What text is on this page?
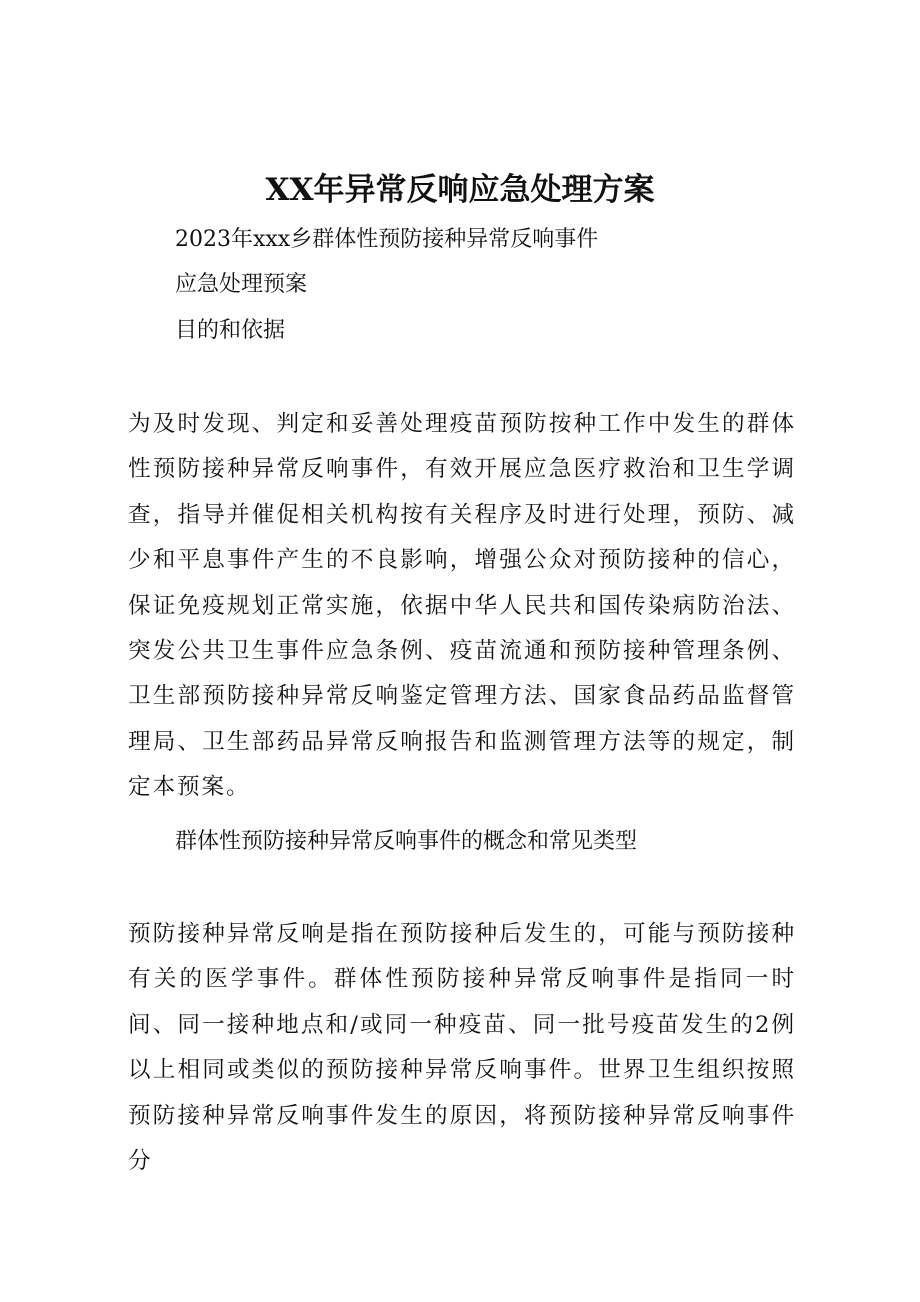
XX年异常反响应急处理方案
2023年xxx乡群体性预防接种异常反响事件
应急处理预案
目的和依据
为及时发现、判定和妥善处理疫苗预防按种工作中发生的群体性预防接种异常反响事件，有效开展应急医疗救治和卫生学调查，指导并催促相关机构按有关程序及时进行处理，预防、减少和平息事件产生的不良影响，增强公众对预防接种的信心，保证免疫规划正常实施，依据中华人民共和国传染病防治法、突发公共卫生事件应急条例、疫苗流通和预防接种管理条例、卫生部预防接种异常反响鉴定管理方法、国家食品药品监督管理局、卫生部药品异常反响报告和监测管理方法等的规定，制定本预案。
群体性预防接种异常反响事件的概念和常见类型
预防接种异常反响是指在预防接种后发生的，可能与预防接种有关的医学事件。群体性预防接种异常反响事件是指同一时间、同一接种地点和/或同一种疫苗、同一批号疫苗发生的2例以上相同或类似的预防接种异常反响事件。世界卫生组织按照预防接种异常反响事件发生的原因，将预防接种异常反响事件分
